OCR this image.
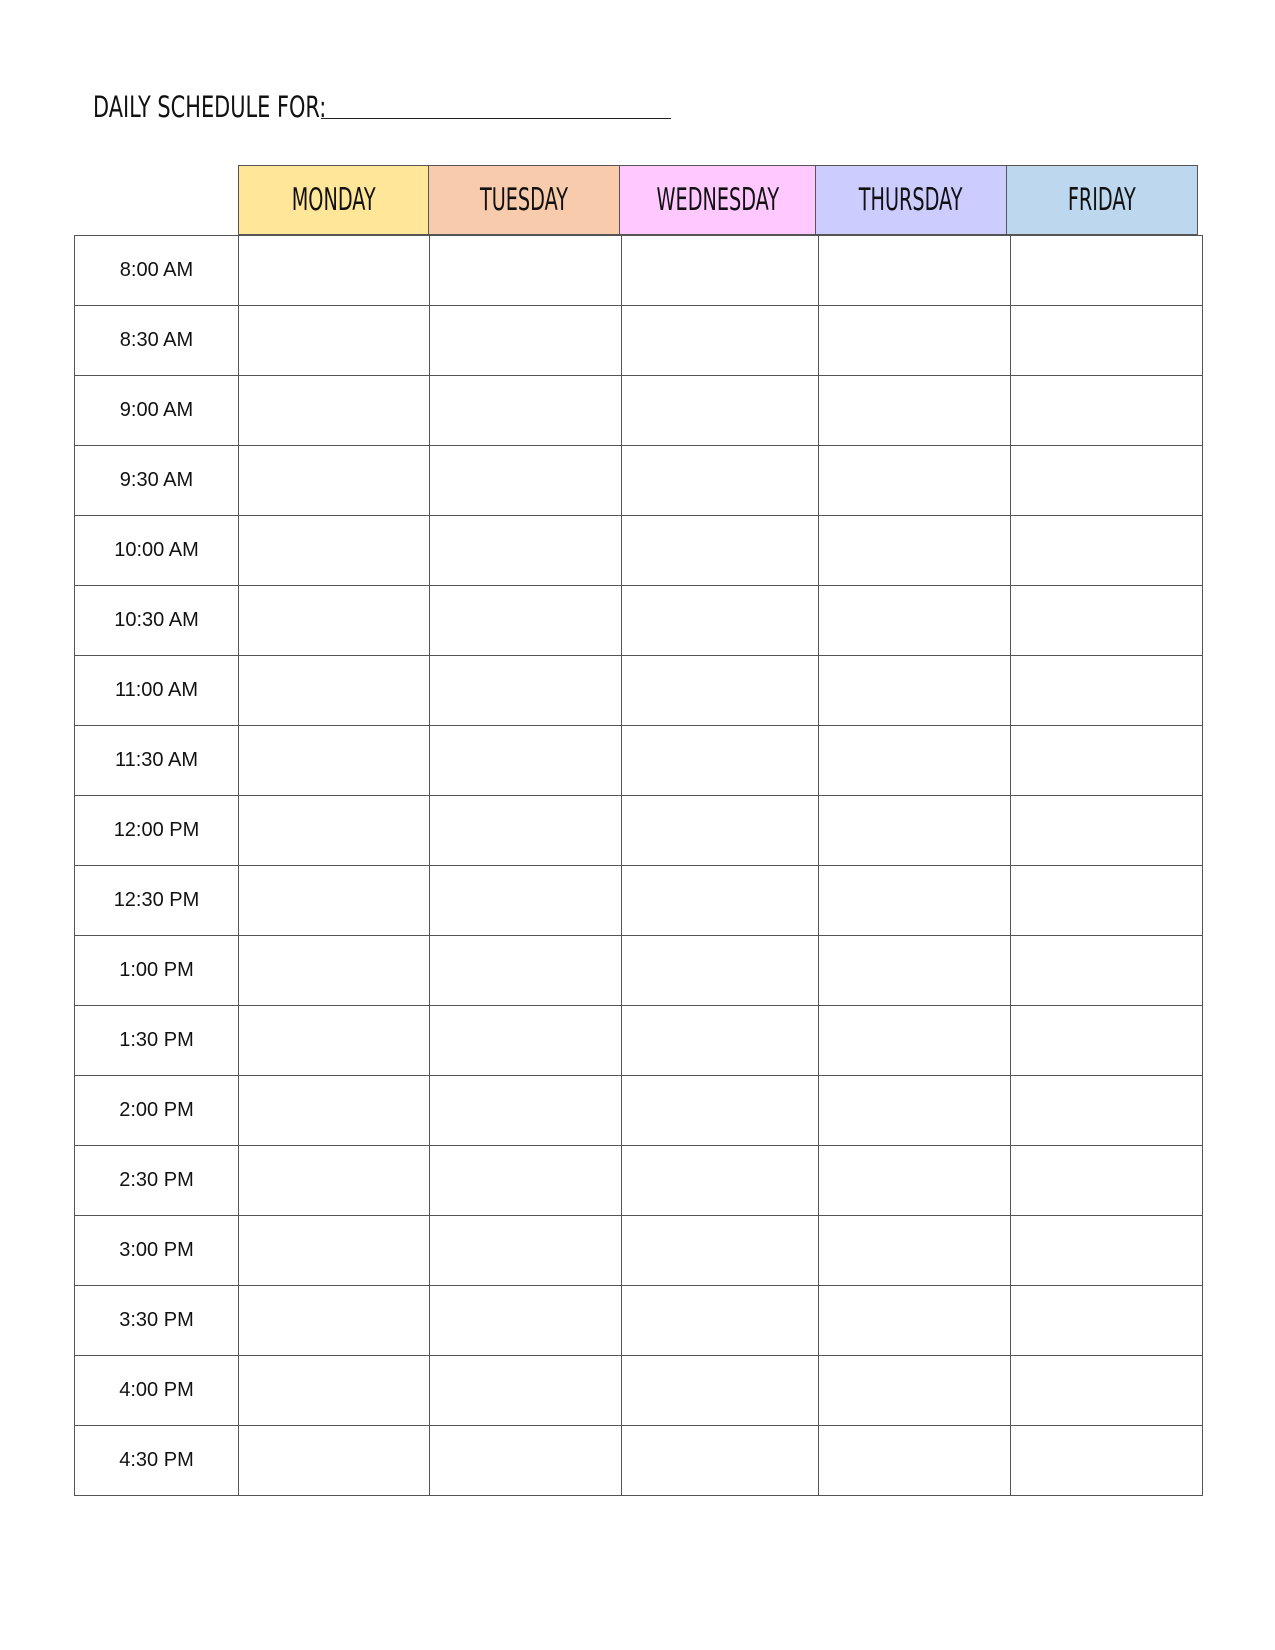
DAILY SCHEDULE FOR:
MONDAY	TUESDAY	WEDNESDAY	THURSDAY	FRIDAY
8:00 AM					
8:30 AM					
9:00 AM					
9:30 AM					
10:00 AM					
10:30 AM					
11:00 AM					
11:30 AM					
12:00 PM					
12:30 PM					
1:00 PM					
1:30 PM					
2:00 PM					
2:30 PM					
3:00 PM					
3:30 PM					
4:00 PM					
4:30 PM					
